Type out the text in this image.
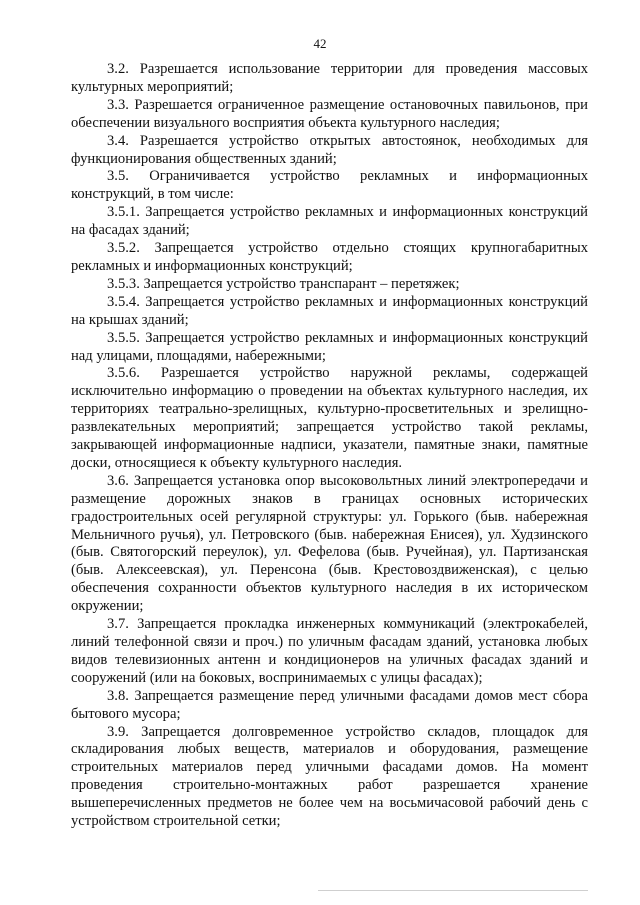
42

3.2. Разрешается использование территории для проведения массовых культурных мероприятий;

3.3. Разрешается ограниченное размещение остановочных павильонов, при обеспечении визуального восприятия объекта культурного наследия;

3.4. Разрешается устройство открытых автостоянок, необходимых для функционирования общественных зданий;

3.5. Ограничивается устройство рекламных и информационных конструкций, в том числе:

3.5.1. Запрещается устройство рекламных и информационных конструкций на фасадах зданий;

3.5.2. Запрещается устройство отдельно стоящих крупногабаритных рекламных и информационных конструкций;

3.5.3. Запрещается устройство транспарант – перетяжек;

3.5.4. Запрещается устройство рекламных и информационных конструкций на крышах зданий;

3.5.5. Запрещается устройство рекламных и информационных конструкций над улицами, площадями, набережными;

3.5.6. Разрешается устройство наружной рекламы, содержащей исключительно информацию о проведении на объектах культурного наследия, их территориях театрально-зрелищных, культурно-просветительных и зрелищно-развлекательных мероприятий; запрещается устройство такой рекламы, закрывающей информационные надписи, указатели, памятные знаки, памятные доски, относящиеся к объекту культурного наследия.

3.6. Запрещается установка опор высоковольтных линий электропередачи и размещение дорожных знаков в границах основных исторических градостроительных осей регулярной структуры: ул. Горького (быв. набережная Мельничного ручья), ул. Петровского (быв. набережная Енисея), ул. Худзинского (быв. Святогорский переулок), ул. Фефелова (быв. Ручейная), ул. Партизанская (быв. Алексеевская), ул. Перенсона (быв. Крестовоздвиженская), с целью обеспечения сохранности объектов культурного наследия в их историческом окружении;

3.7. Запрещается прокладка инженерных коммуникаций (электрокабелей, линий телефонной связи и проч.) по уличным фасадам зданий, установка любых видов телевизионных антенн и кондиционеров на уличных фасадах зданий и сооружений (или на боковых, воспринимаемых с улицы фасадах);

3.8. Запрещается размещение перед уличными фасадами домов мест сбора бытового мусора;

3.9. Запрещается долговременное устройство складов, площадок для складирования любых веществ, материалов и оборудования, размещение строительных материалов перед уличными фасадами домов. На момент проведения строительно-монтажных работ разрешается хранение вышеперечисленных предметов не более чем на восьмичасовой рабочий день с устройством строительной сетки;
